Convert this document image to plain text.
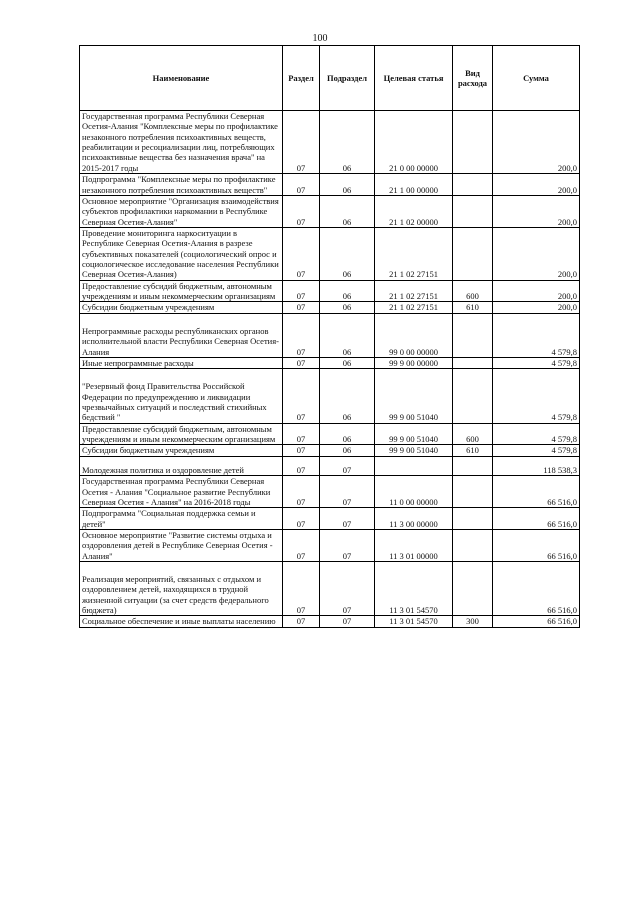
100
Наименование	Раздел	Подраздел	Целевая статья	Вид расхода	Сумма
Государственная программа Республики Северная Осетия-Алания "Комплексные меры по профилактике незаконного потребления психоактивных веществ, реабилитации и ресоциализации лиц, потребляющих психоактивные вещества без назначения врача" на 2015-2017 годы	07	06	21 0 00 00000		200,0
Подпрограмма "Комплексные меры по профилактике незаконного потребления психоактивных веществ"	07	06	21 1 00 00000		200,0
Основное мероприятие "Организация взаимодействия субъектов профилактики наркомании в Республике Северная Осетия-Алания"	07	06	21 1 02 00000		200,0
Проведение мониторинга наркоситуации в Республике Северная Осетия-Алания в разрезе субъективных показателей (социологический опрос и социологическое исследование населения Республики Северная Осетия-Алания)	07	06	21 1 02 27151		200,0
Предоставление субсидий бюджетным, автономным учреждениям и иным некоммерческим организациям	07	06	21 1 02 27151	600	200,0
Субсидии бюджетным учреждениям	07	06	21 1 02 27151	610	200,0
Непрограммные расходы республиканских органов исполнительной власти Республики Северная Осетия-Алания	07	06	99 0 00 00000		4 579,8
Иные непрограммные расходы	07	06	99 9 00 00000		4 579,8
"Резервный фонд Правительства Российской Федерации по предупреждению и ликвидации чрезвычайных ситуаций и последствий стихийных бедствий "	07	06	99 9 00 51040		4 579,8
Предоставление субсидий бюджетным, автономным учреждениям и иным некоммерческим организациям	07	06	99 9 00 51040	600	4 579,8
Субсидии бюджетным учреждениям	07	06	99 9 00 51040	610	4 579,8
Молодежная политика и оздоровление детей	07	07			118 538,3
Государственная программа Республики Северная Осетия - Алания "Социальное развитие Республики Северная Осетия - Алания" на 2016-2018 годы	07	07	11 0 00 00000		66 516,0
Подпрограмма "Социальная поддержка семьи и детей"	07	07	11 3 00 00000		66 516,0
Основное мероприятие "Развитие системы отдыха и оздоровления детей в Республике Северная Осетия - Алания"	07	07	11 3 01 00000		66 516,0
Реализация мероприятий, связанных с отдыхом и оздоровлением детей, находящихся в трудной жизненной ситуации (за счет средств федерального бюджета)	07	07	11 3 01 54570		66 516,0
Социальное обеспечение и иные выплаты населению	07	07	11 3 01 54570	300	66 516,0
